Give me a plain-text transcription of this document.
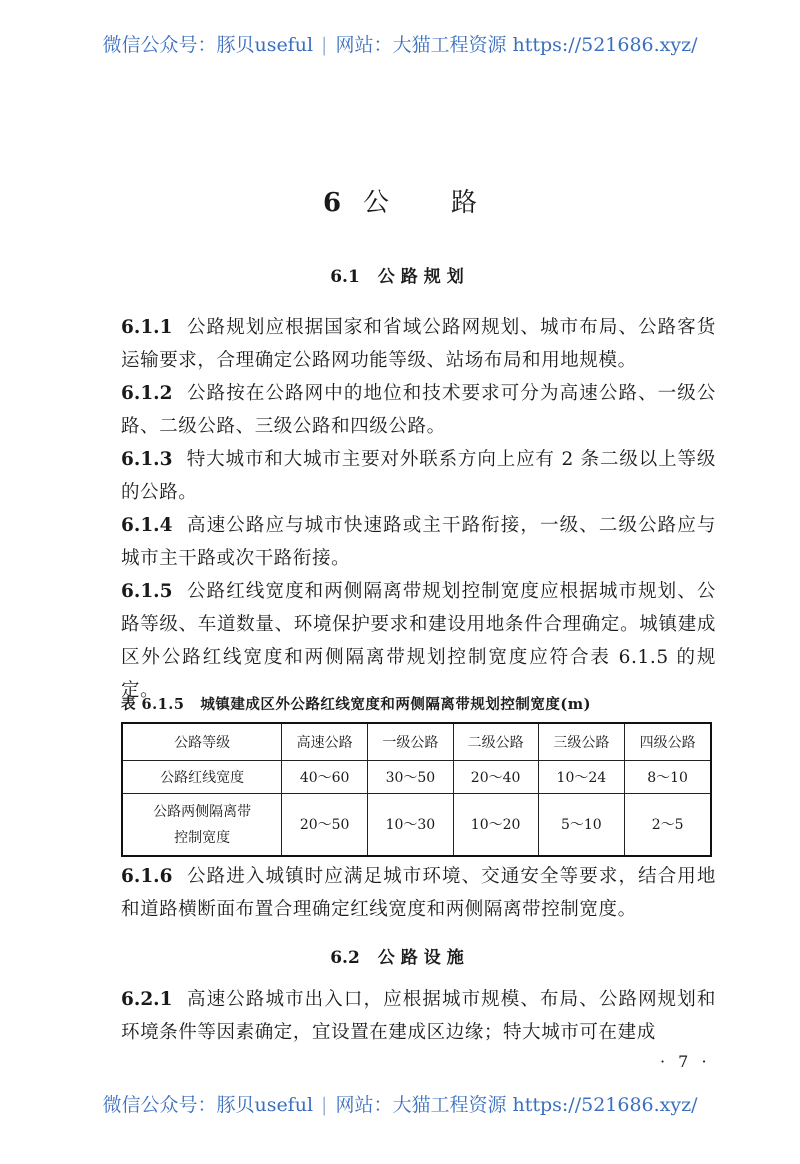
微信公众号：豚贝useful | 网站：大猫工程资源 https://521686.xyz/
6 公 路
6.1 公路规划
6.1.1 公路规划应根据国家和省域公路网规划、城市布局、公路客货运输要求，合理确定公路网功能等级、站场布局和用地规模。
6.1.2 公路按在公路网中的地位和技术要求可分为高速公路、一级公路、二级公路、三级公路和四级公路。
6.1.3 特大城市和大城市主要对外联系方向上应有 2 条二级以上等级的公路。
6.1.4 高速公路应与城市快速路或主干路衔接，一级、二级公路应与城市主干路或次干路衔接。
6.1.5 公路红线宽度和两侧隔离带规划控制宽度应根据城市规划、公路等级、车道数量、环境保护要求和建设用地条件合理确定。城镇建成区外公路红线宽度和两侧隔离带规划控制宽度应符合表 6.1.5 的规定。
表 6.1.5 城镇建成区外公路红线宽度和两侧隔离带规划控制宽度(m)
公路等级	高速公路	一级公路	二级公路	三级公路	四级公路
公路红线宽度	40～60	30～50	20～40	10～24	8～10

公路两侧隔离带
控制宽度	20～50	10～30	10～20	5～10	2～5
6.1.6 公路进入城镇时应满足城市环境、交通安全等要求，结合用地和道路横断面布置合理确定红线宽度和两侧隔离带控制宽度。
6.2 公路设施
6.2.1 高速公路城市出入口，应根据城市规模、布局、公路网规划和环境条件等因素确定，宜设置在建成区边缘；特大城市可在建成
· 7 ·
微信公众号：豚贝useful | 网站：大猫工程资源 https://521686.xyz/
